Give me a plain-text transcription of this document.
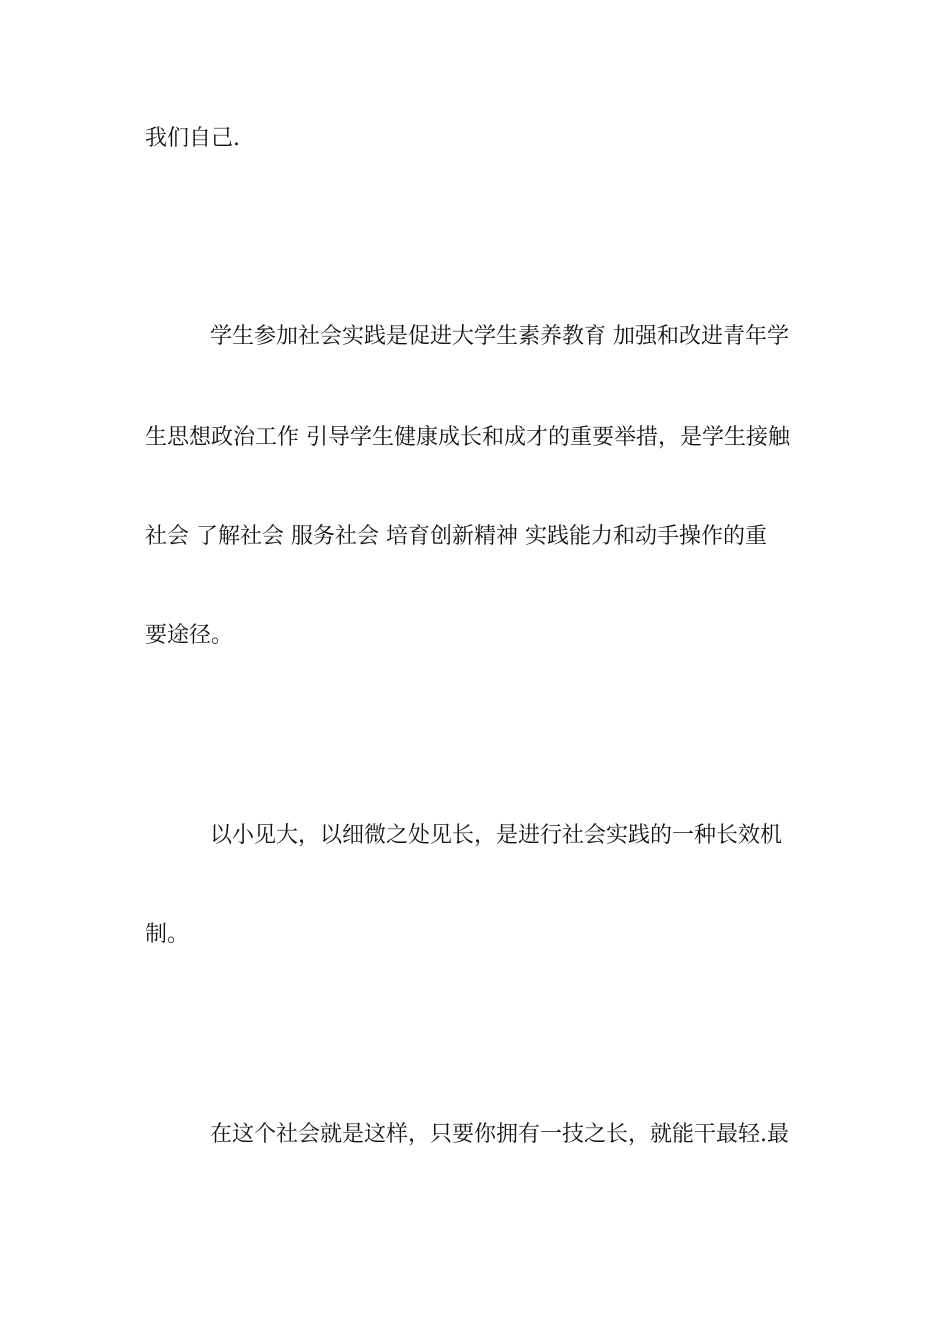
我们自己.
学生参加社会实践是促进大学生素养教育 加强和改进青年学
生思想政治工作 引导学生健康成长和成才的重要举措，是学生接触
社会 了解社会 服务社会 培育创新精神 实践能力和动手操作的重
要途径。
以小见大，以细微之处见长，是进行社会实践的一种长效机
制。
在这个社会就是这样，只要你拥有一技之长，就能干最轻.最
